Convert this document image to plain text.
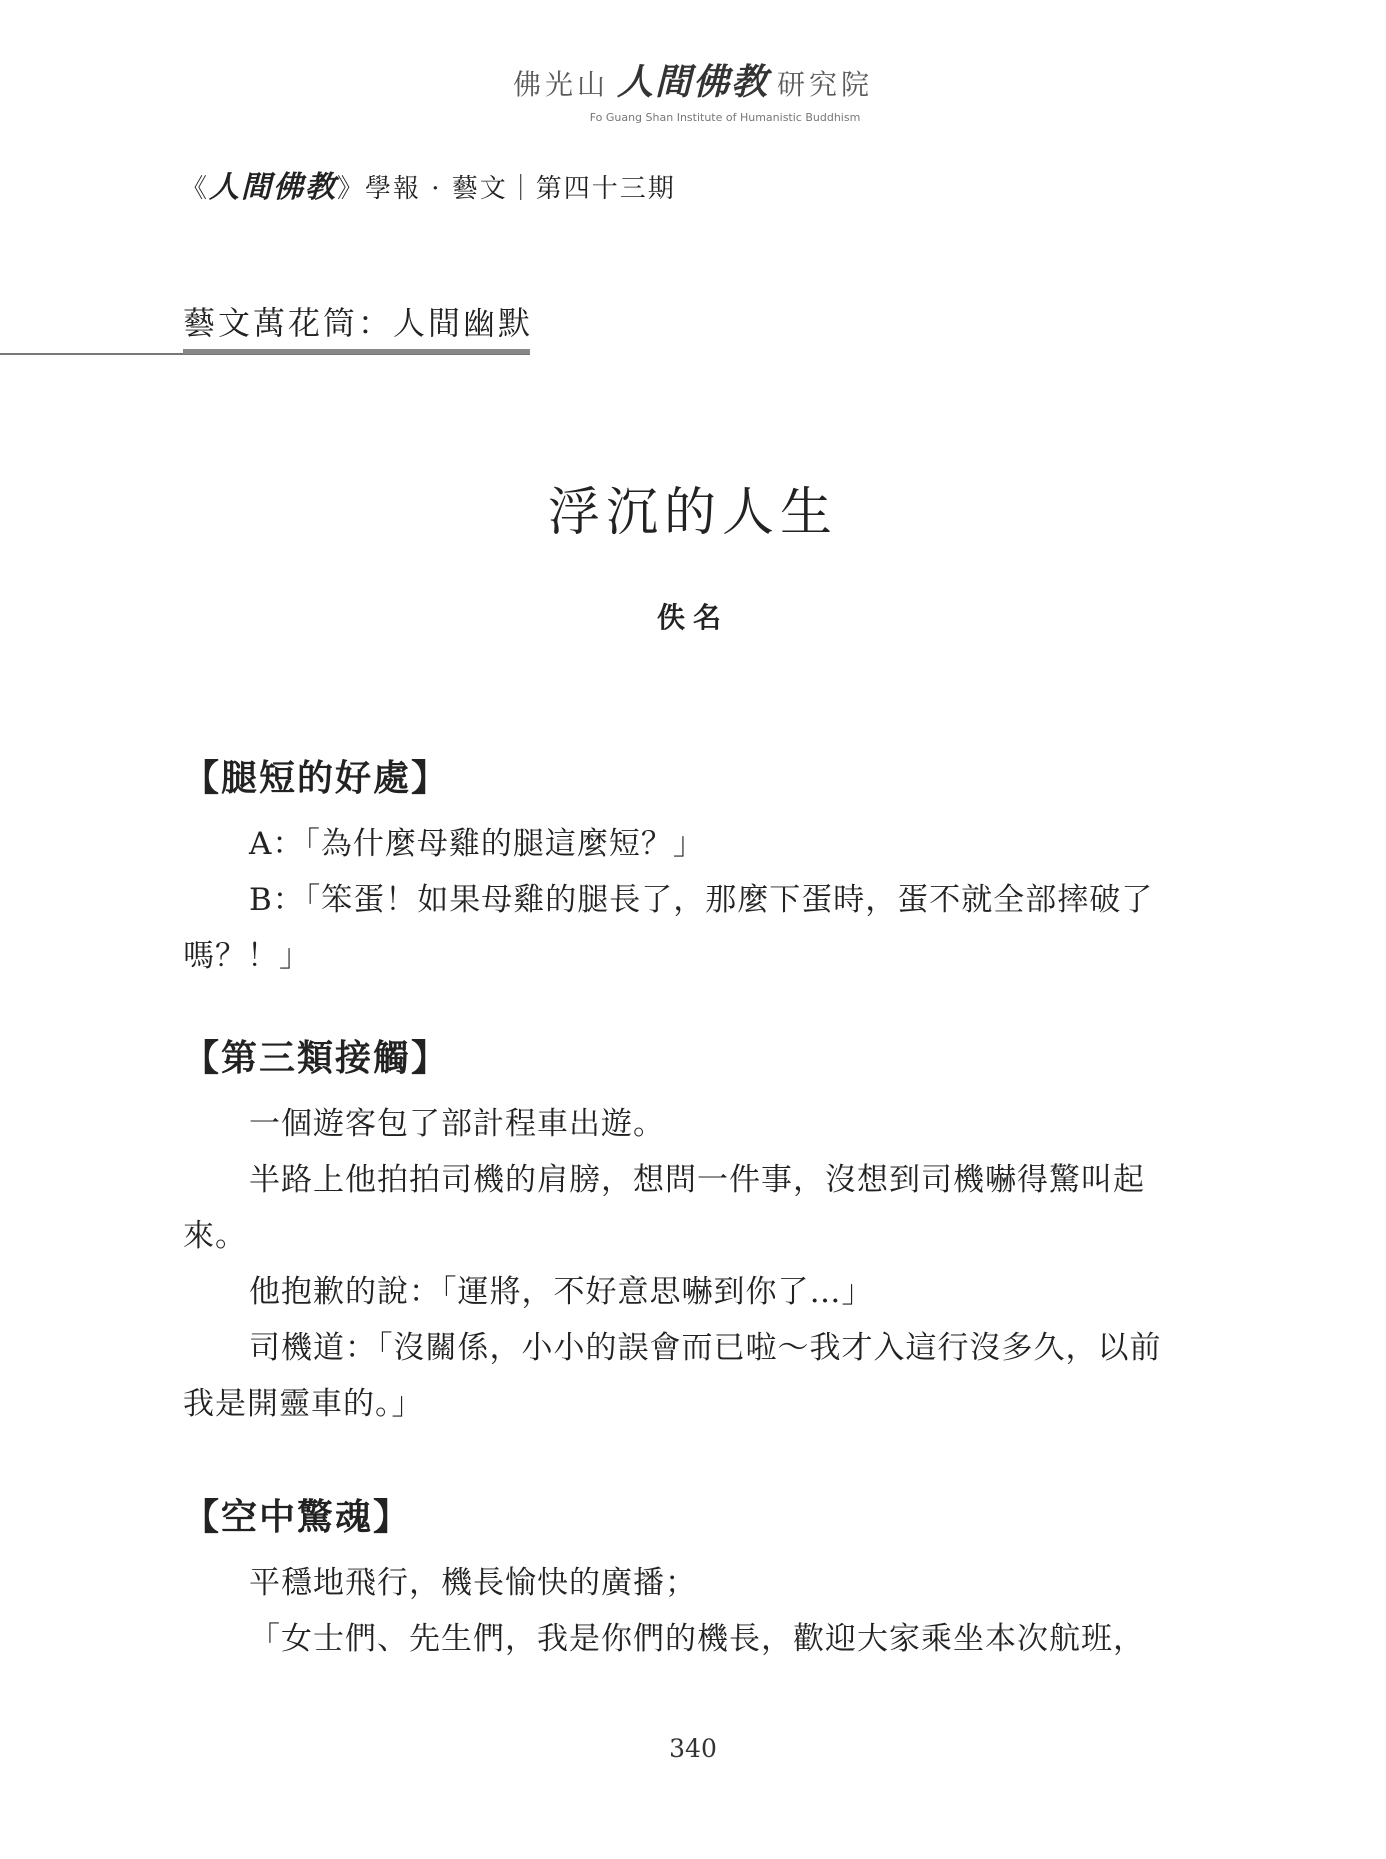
佛光山 人間佛教 研究院
Fo Guang Shan Institute of Humanistic Buddhism
《人間佛教》學報 · 藝文｜第四十三期
藝文萬花筒：人間幽默
浮沉的人生
佚名
【腿短的好處】
A：「為什麼母雞的腿這麼短？」
B：「笨蛋！如果母雞的腿長了，那麼下蛋時，蛋不就全部摔破了嗎？！」
【第三類接觸】
一個遊客包了部計程車出遊。
半路上他拍拍司機的肩膀，想問一件事，沒想到司機嚇得驚叫起來。
他抱歉的說：「運將，不好意思嚇到你了…」
司機道：「沒關係，小小的誤會而已啦～我才入這行沒多久，以前我是開靈車的。」
【空中驚魂】
平穩地飛行，機長愉快的廣播；
「女士們、先生們，我是你們的機長，歡迎大家乘坐本次航班，
340
